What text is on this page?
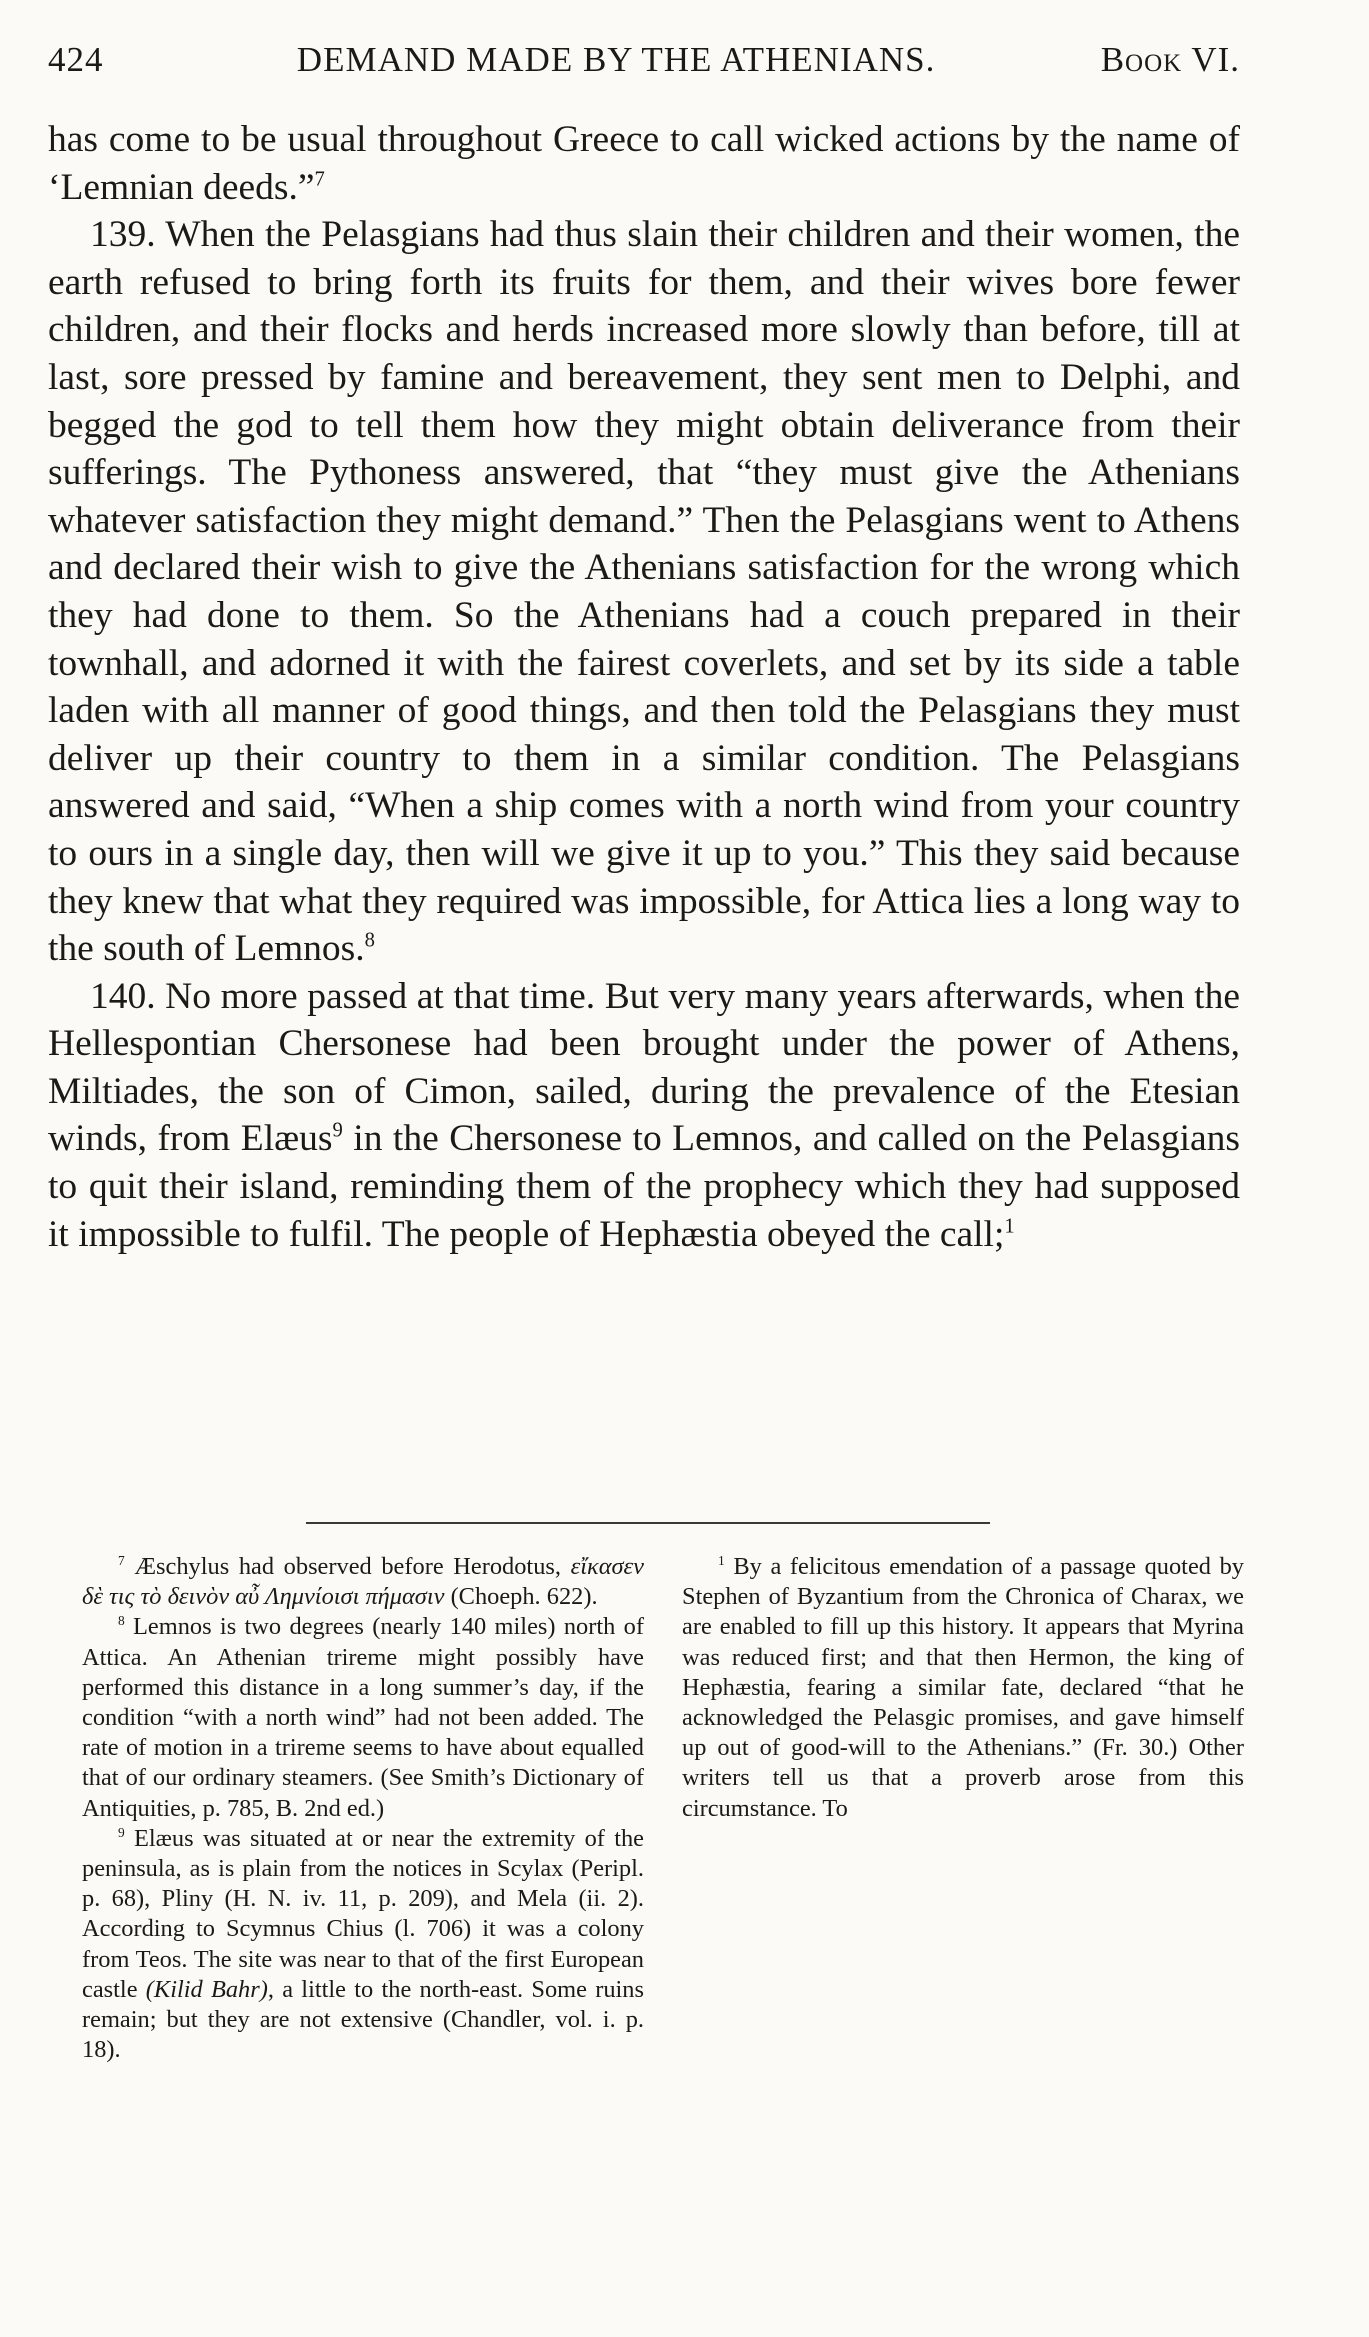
424	DEMAND MADE BY THE ATHENIANS.	Book VI.

has come to be usual throughout Greece to call wicked actions by the name of ‘Lemnian deeds.”$^7$

139. When the Pelasgians had thus slain their children and their women, the earth refused to bring forth its fruits for them, and their wives bore fewer children, and their flocks and herds increased more slowly than before, till at last, sore pressed by famine and bereavement, they sent men to Delphi, and begged the god to tell them how they might obtain deliverance from their sufferings. The Pythoness answered, that “they must give the Athenians whatever satisfaction they might demand.” Then the Pelasgians went to Athens and declared their wish to give the Athenians satisfaction for the wrong which they had done to them. So the Athenians had a couch prepared in their townhall, and adorned it with the fairest coverlets, and set by its side a table laden with all manner of good things, and then told the Pelasgians they must deliver up their country to them in a similar condition. The Pelasgians answered and said, “When a ship comes with a north wind from your country to ours in a single day, then will we give it up to you.” This they said because they knew that what they required was impossible, for Attica lies a long way to the south of Lemnos.$^8$

140. No more passed at that time. But very many years afterwards, when the Hellespontian Chersonese had been brought under the power of Athens, Miltiades, the son of Cimon, sailed, during the prevalence of the Etesian winds, from Elæus$^9$ in the Chersonese to Lemnos, and called on the Pelasgians to quit their island, reminding them of the prophecy which they had supposed it impossible to fulfil. The people of Hephæstia obeyed the call;$^1$

$^7$ Æschylus had observed before Herodotus, εἴκασεν δὲ τις τὸ δεινὸν αὖ Λημνίοισι πήμασιν (Choeph. 622).

$^8$ Lemnos is two degrees (nearly 140 miles) north of Attica. An Athenian trireme might possibly have performed this distance in a long summer’s day, if the condition “with a north wind” had not been added. The rate of motion in a trireme seems to have about equalled that of our ordinary steamers. (See Smith’s Dictionary of Antiquities, p. 785, B. 2nd ed.)

$^9$ Elæus was situated at or near the extremity of the peninsula, as is plain from the notices in Scylax (Peripl. p. 68), Pliny (H. N. iv. 11, p. 209), and Mela (ii. 2). According to Scymnus Chius (l. 706) it was a colony from Teos. The site was near to that of the first European castle (Kilid Bahr), a little to the north-east. Some ruins remain; but they are not extensive (Chandler, vol. i. p. 18).

$^1$ By a felicitous emendation of a passage quoted by Stephen of Byzantium from the Chronica of Charax, we are enabled to fill up this history. It appears that Myrina was reduced first; and that then Hermon, the king of Hephæstia, fearing a similar fate, declared “that he acknowledged the Pelasgic promises, and gave himself up out of good-will to the Athenians.” (Fr. 30.) Other writers tell us that a proverb arose from this circumstance. To
